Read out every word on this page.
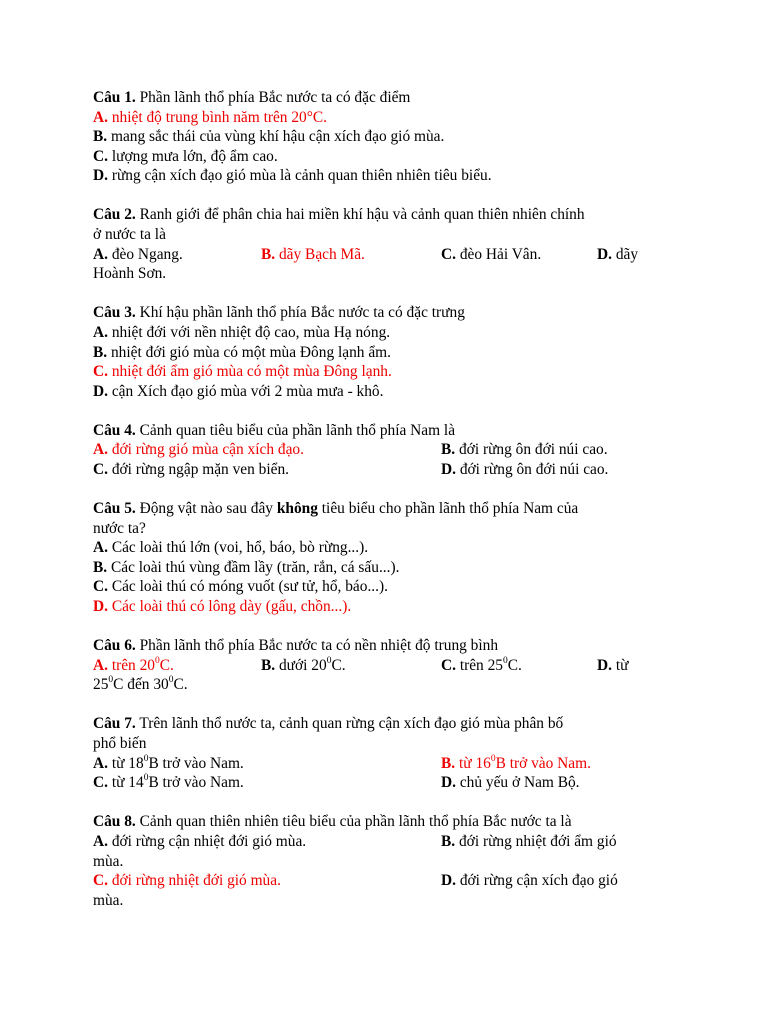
Câu 1. Phần lãnh thổ phía Bắc nước ta có đặc điểm
A. nhiệt độ trung bình năm trên 20°C.
B. mang sắc thái của vùng khí hậu cận xích đạo gió mùa.
C. lượng mưa lớn, độ ẩm cao.
D. rừng cận xích đạo gió mùa là cảnh quan thiên nhiên tiêu biểu.
Câu 2. Ranh giới để phân chia hai miền khí hậu và cảnh quan thiên nhiên chính
ở nước ta là
A. đèo Ngang.	B. dãy Bạch Mã.	C. đèo Hải Vân.	D. dãy
Hoành Sơn.
Câu 3. Khí hậu phần lãnh thổ phía Bắc nước ta có đặc trưng
A. nhiệt đới với nền nhiệt độ cao, mùa Hạ nóng.
B. nhiệt đới gió mùa có một mùa Đông lạnh ẩm.
C. nhiệt đới ẩm gió mùa có một mùa Đông lạnh.
D. cận Xích đạo gió mùa với 2 mùa mưa - khô.
Câu 4. Cảnh quan tiêu biểu của phần lãnh thổ phía Nam là
A. đới rừng gió mùa cận xích đạo.	B. đới rừng ôn đới núi cao.
C. đới rừng ngập mặn ven biển.	D. đới rừng ôn đới núi cao.
Câu 5. Động vật nào sau đây không tiêu biểu cho phần lãnh thổ phía Nam của
nước ta?
A. Các loài thú lớn (voi, hổ, báo, bò rừng...).
B. Các loài thú vùng đầm lầy (trăn, rắn, cá sấu...).
C. Các loài thú có móng vuốt (sư tử, hổ, báo...).
D. Các loài thú có lông dày (gấu, chồn...).
Câu 6. Phần lãnh thổ phía Bắc nước ta có nền nhiệt độ trung bình
A. trên $20^0C$.	B. dưới $20^0C$.	C. trên $25^0C$.	D. từ
$25^0C$ đến $30^0C$.
Câu 7. Trên lãnh thổ nước ta, cảnh quan rừng cận xích đạo gió mùa phân bố
phổ biến
A. từ $18^0B$ trở vào Nam.	B. từ $16^0B$ trở vào Nam.
C. từ $14^0B$ trở vào Nam.	D. chủ yếu ở Nam Bộ.
Câu 8. Cảnh quan thiên nhiên tiêu biểu của phần lãnh thổ phía Bắc nước ta là
A. đới rừng cận nhiệt đới gió mùa.	B. đới rừng nhiệt đới ẩm gió
mùa.
C. đới rừng nhiệt đới gió mùa.	D. đới rừng cận xích đạo gió
mùa.
